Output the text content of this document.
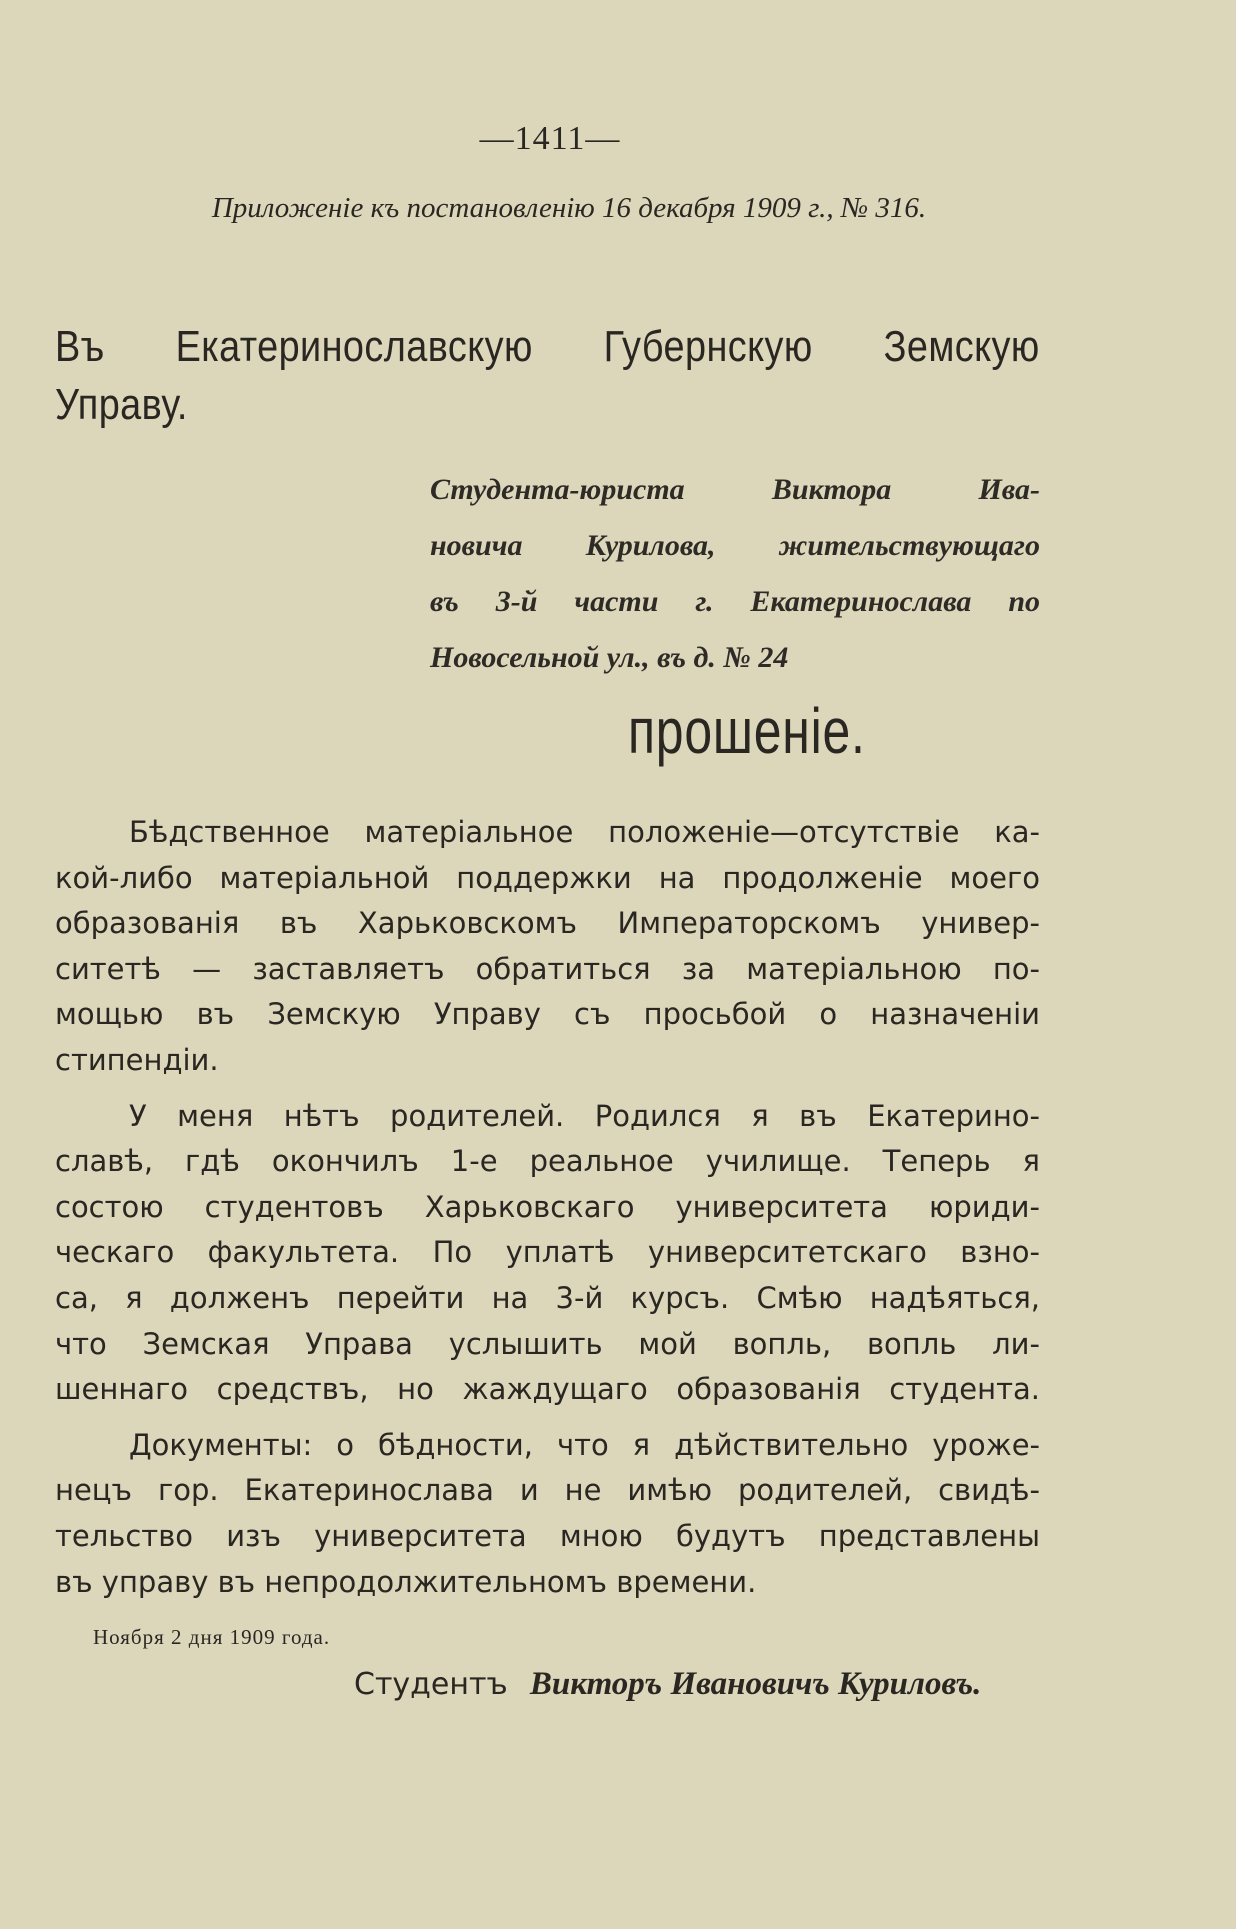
—1411—
Приложеніе къ постановленію 16 декабря 1909 г., № 316.
Въ Екатеринославскую Губернскую Земскую
Управу.
Студента-юриста Виктора Ива-
новича Курилова, жительствующаго
въ 3-й части г. Екатеринослава по
Новосельной ул., въ д. № 24
прошеніе.
Бѣдственное матеріальное положеніе—отсутствіе ка-
кой-либо матеріальной поддержки на продолженіе моего
образованія въ Харьковскомъ Императорскомъ универ-
ситетѣ — заставляетъ обратиться за матеріальною по-
мощью въ Земскую Управу съ просьбой о назначеніи
стипендіи.
У меня нѣтъ родителей. Родился я въ Екатерино-
славѣ, гдѣ окончилъ 1-е реальное училище. Теперь я
состою студентовъ Харьковскаго университета юриди-
ческаго факультета. По уплатѣ университетскаго взно-
са, я долженъ перейти на 3-й курсъ. Смѣю надѣяться,
что Земская Управа услышить мой вопль, вопль ли-
шеннаго средствъ, но жаждущаго образованія студента.
Документы: о бѣдности, что я дѣйствительно уроже-
нецъ гор. Екатеринослава и не имѣю родителей, свидѣ-
тельство изъ университета мною будутъ представлены
въ управу въ непродолжительномъ времени.
Ноября 2 дня 1909 года.
Студентъ Викторъ Ивановичъ Куриловъ.
